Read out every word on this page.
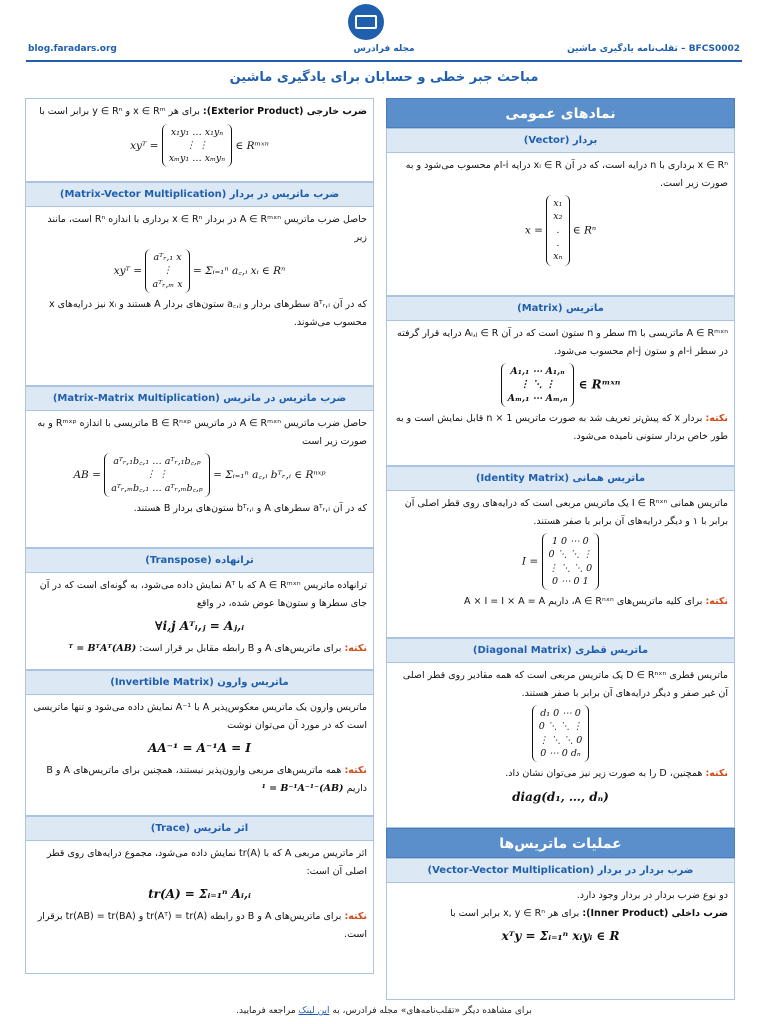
blog.faradars.org	مجله فرادرس	BFCS0002 – تقلب‌نامه یادگیری ماشین
مباحث جبر خطی و حسابان برای یادگیری ماشین
نمادهای عمومی
بردار (Vector)
x ∈ Rⁿ برداری با n درایه است، که در آن xᵢ ∈ R درایه i-ام محسوب می‌شود و به صورت زیر است.
x =
x₁
x₂
.
.
xₙ
∈ Rⁿ
ماتریس (Matrix)
A ∈ Rᵐˣⁿ ماتریسی با m سطر و n ستون است که در آن Aᵢ,ⱼ ∈ R درایه قرار گرفته در سطر i-ام و ستون j-ام محسوب می‌شود.
A₁,₁ ⋯ A₁,ₙ
⋮ ⋱ ⋮
Aₘ,₁ ⋯ Aₘ,ₙ
∈ Rᵐˣⁿ
نکته: بردار x که پیش‌تر تعریف شد به صورت ماتریس n × 1 قابل نمایش است و به طور خاص بردار ستونی نامیده می‌شود.
ماتریس همانی (Identity Matrix)
ماتریس همانی I ∈ Rⁿˣⁿ یک ماتریس مربعی است که درایه‌های روی قطر اصلی آن برابر با ۱ و دیگر درایه‌های آن برابر با صفر هستند.
I =
1 0 ⋯ 0
0 ⋱ ⋱ ⋮
⋮ ⋱ ⋱ 0
0 ⋯ 0 1
نکته: برای کلیه ماتریس‌های A ∈ Rⁿˣⁿ، داریم A × I = I × A = A
ماتریس قطری (Diagonal Matrix)
ماتریس قطری D ∈ Rⁿˣⁿ یک ماتریس مربعی است که همه مقادیر روی قطر اصلی آن غیر صفر و دیگر درایه‌های آن برابر با صفر هستند.
d₁ 0 ⋯ 0
0 ⋱ ⋱ ⋮
⋮ ⋱ ⋱ 0
0 ⋯ 0 dₙ
نکته: همچنین، D را به صورت زیر نیز می‌توان نشان داد.
diag(d₁, …, dₙ)
عملیات ماتریس‌ها
ضرب بردار در بردار (Vector-Vector Multiplication)
دو نوع ضرب بردار در بردار وجود دارد.
ضرب داخلی (Inner Product): برای هر x, y ∈ Rⁿ برابر است با
xᵀy = Σᵢ₌₁ⁿ xᵢyᵢ ∈ R
ضرب خارجی (Exterior Product): برای هر x ∈ Rᵐ و y ∈ Rⁿ برابر است با
xyᵀ =
x₁y₁ … x₁yₙ
⋮ ⋮
xₘy₁ … xₘyₙ
∈ Rᵐˣⁿ
ضرب ماتریس در بردار (Matrix-Vector Multiplication)
حاصل ضرب ماتریس A ∈ Rᵐˣⁿ در بردار x ∈ Rⁿ برداری با اندازه Rⁿ است، مانند زیر
xyᵀ =
aᵀᵣ,₁ x
⋮
aᵀᵣ,ₘ x
= Σᵢ₌₁ⁿ a꜀,ᵢ xᵢ ∈ Rⁿ
که در آن aᵀᵣ,ᵢ سطرهای بردار و a꜀,ⱼ ستون‌های بردار A هستند و xᵢ نیز درایه‌های x محسوب می‌شوند.
ضرب ماتریس در ماتریس (Matrix-Matrix Multiplication)
حاصل ضرب ماتریس A ∈ Rᵐˣⁿ در ماتریس B ∈ Rⁿˣᵖ ماتریسی با اندازه Rᵐˣᵖ و به صورت زیر است
AB =
aᵀᵣ,₁b꜀,₁ … aᵀᵣ,₁b꜀,ₚ
⋮ ⋮
aᵀᵣ,ₘb꜀,₁ … aᵀᵣ,ₘb꜀,ₚ
= Σᵢ₌₁ⁿ a꜀,ᵢ bᵀᵣ,ᵢ ∈ Rⁿˣᵖ
که در آن aᵀᵣ,ᵢ سطرهای A و bᵀᵣ,ᵢ ستون‌های بردار B هستند.
ترانهاده (Transpose)
ترانهاده ماتریس A ∈ Rᵐˣⁿ که با Aᵀ نمایش داده می‌شود، به گونه‌ای است که در آن جای سطرها و ستون‌ها عوض شده، در واقع
∀i,j Aᵀᵢ,ⱼ = Aⱼ,ᵢ
نکته: برای ماتریس‌های A و B رابطه مقابل بر قرار است: (AB)ᵀ = BᵀAᵀ
ماتریس وارون (Invertible Matrix)
ماتریس وارون یک ماتریس معکوس‌پذیر A با A⁻¹ نمایش داده می‌شود و تنها ماتریسی است که در مورد آن می‌توان نوشت
AA⁻¹ = A⁻¹A = I
نکته: همه ماتریس‌های مربعی وارون‌پذیر نیستند، همچنین برای ماتریس‌های A و B داریم (AB)⁻¹ = B⁻¹A⁻¹
اثر ماتریس (Trace)
اثر ماتریس مربعی A که با tr(A) نمایش داده می‌شود، مجموع درایه‌های روی قطر اصلی آن است:
tr(A) = Σᵢ₌₁ⁿ Aᵢ,ᵢ
نکته: برای ماتریس‌های A و B دو رابطه tr(Aᵀ) = tr(A) و tr(AB) = tr(BA) برقرار است.
برای مشاهده دیگر «تقلب‌نامه‌های» مجله فرادرس، به این لینک مراجعه فرمایید.
